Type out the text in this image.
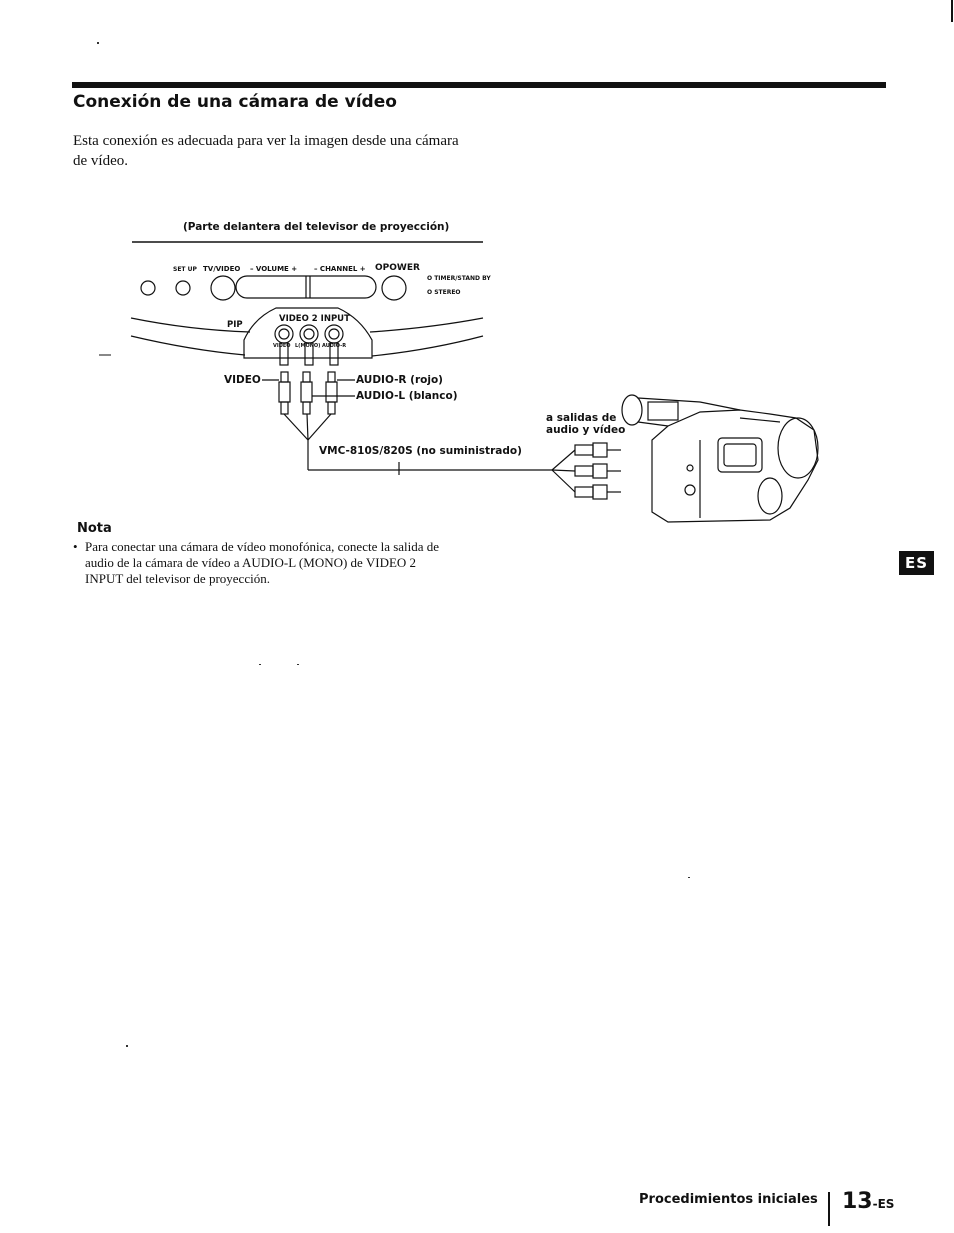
Conexión de una cámara de vídeo
Esta conexión es adecuada para ver la imagen desde una cámara de vídeo.
(Parte delantera del televisor de proyección)
SET UP TV/VIDEO – VOLUME + – CHANNEL + OPOWER
O TIMER/STAND BY
O STEREO
PIP
VIDEO 2 INPUT
VIDEO L(MONO) AUDIO-R
VIDEO	AUDIO-R (rojo)
AUDIO-L (blanco)
VMC-810S/820S (no suministrado)
a salidas de
audio y vídeo
Nota
• Para conectar una cámara de vídeo monofónica, conecte la salida de audio de la cámara de vídeo a AUDIO-L (MONO) de VIDEO 2 INPUT del televisor de proyección.
ES
Procedimientos iniciales 13-ES
